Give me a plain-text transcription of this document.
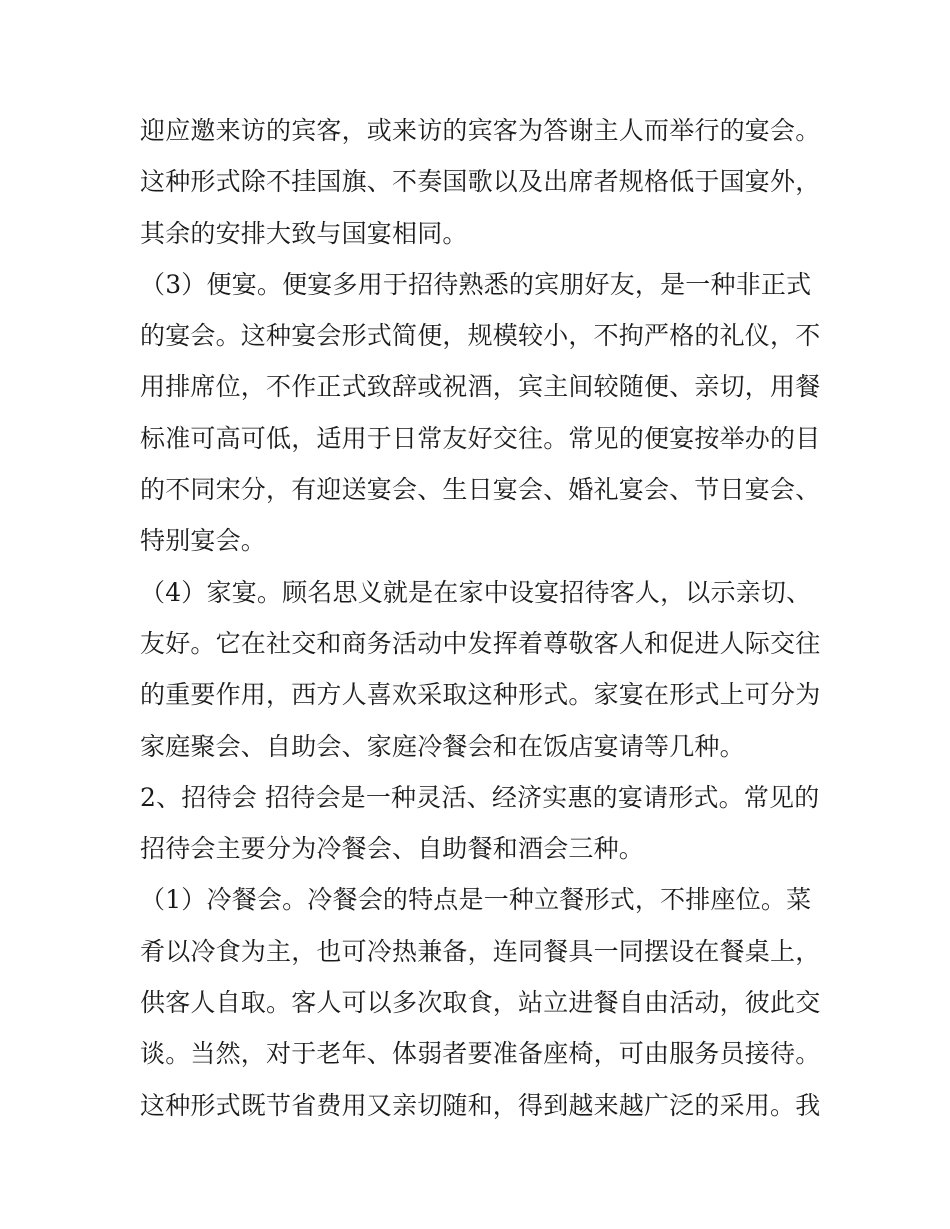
迎应邀来访的宾客，或来访的宾客为答谢主人而举行的宴会。
这种形式除不挂国旗、不奏国歌以及出席者规格低于国宴外，
其余的安排大致与国宴相同。
（3）便宴。便宴多用于招待熟悉的宾朋好友，是一种非正式
的宴会。这种宴会形式简便，规模较小，不拘严格的礼仪，不
用排席位，不作正式致辞或祝酒，宾主间较随便、亲切，用餐
标准可高可低，适用于日常友好交往。常见的便宴按举办的目
的不同宋分，有迎送宴会、生日宴会、婚礼宴会、节日宴会、
特别宴会。
（4）家宴。顾名思义就是在家中设宴招待客人，以示亲切、
友好。它在社交和商务活动中发挥着尊敬客人和促进人际交往
的重要作用，西方人喜欢采取这种形式。家宴在形式上可分为
家庭聚会、自助会、家庭冷餐会和在饭店宴请等几种。
2、招待会 招待会是一种灵活、经济实惠的宴请形式。常见的
招待会主要分为冷餐会、自助餐和酒会三种。
（1）冷餐会。冷餐会的特点是一种立餐形式，不排座位。菜
肴以冷食为主，也可冷热兼备，连同餐具一同摆设在餐桌上，
供客人自取。客人可以多次取食，站立进餐自由活动，彼此交
谈。当然，对于老年、体弱者要准备座椅，可由服务员接待。
这种形式既节省费用又亲切随和，得到越来越广泛的采用。我
